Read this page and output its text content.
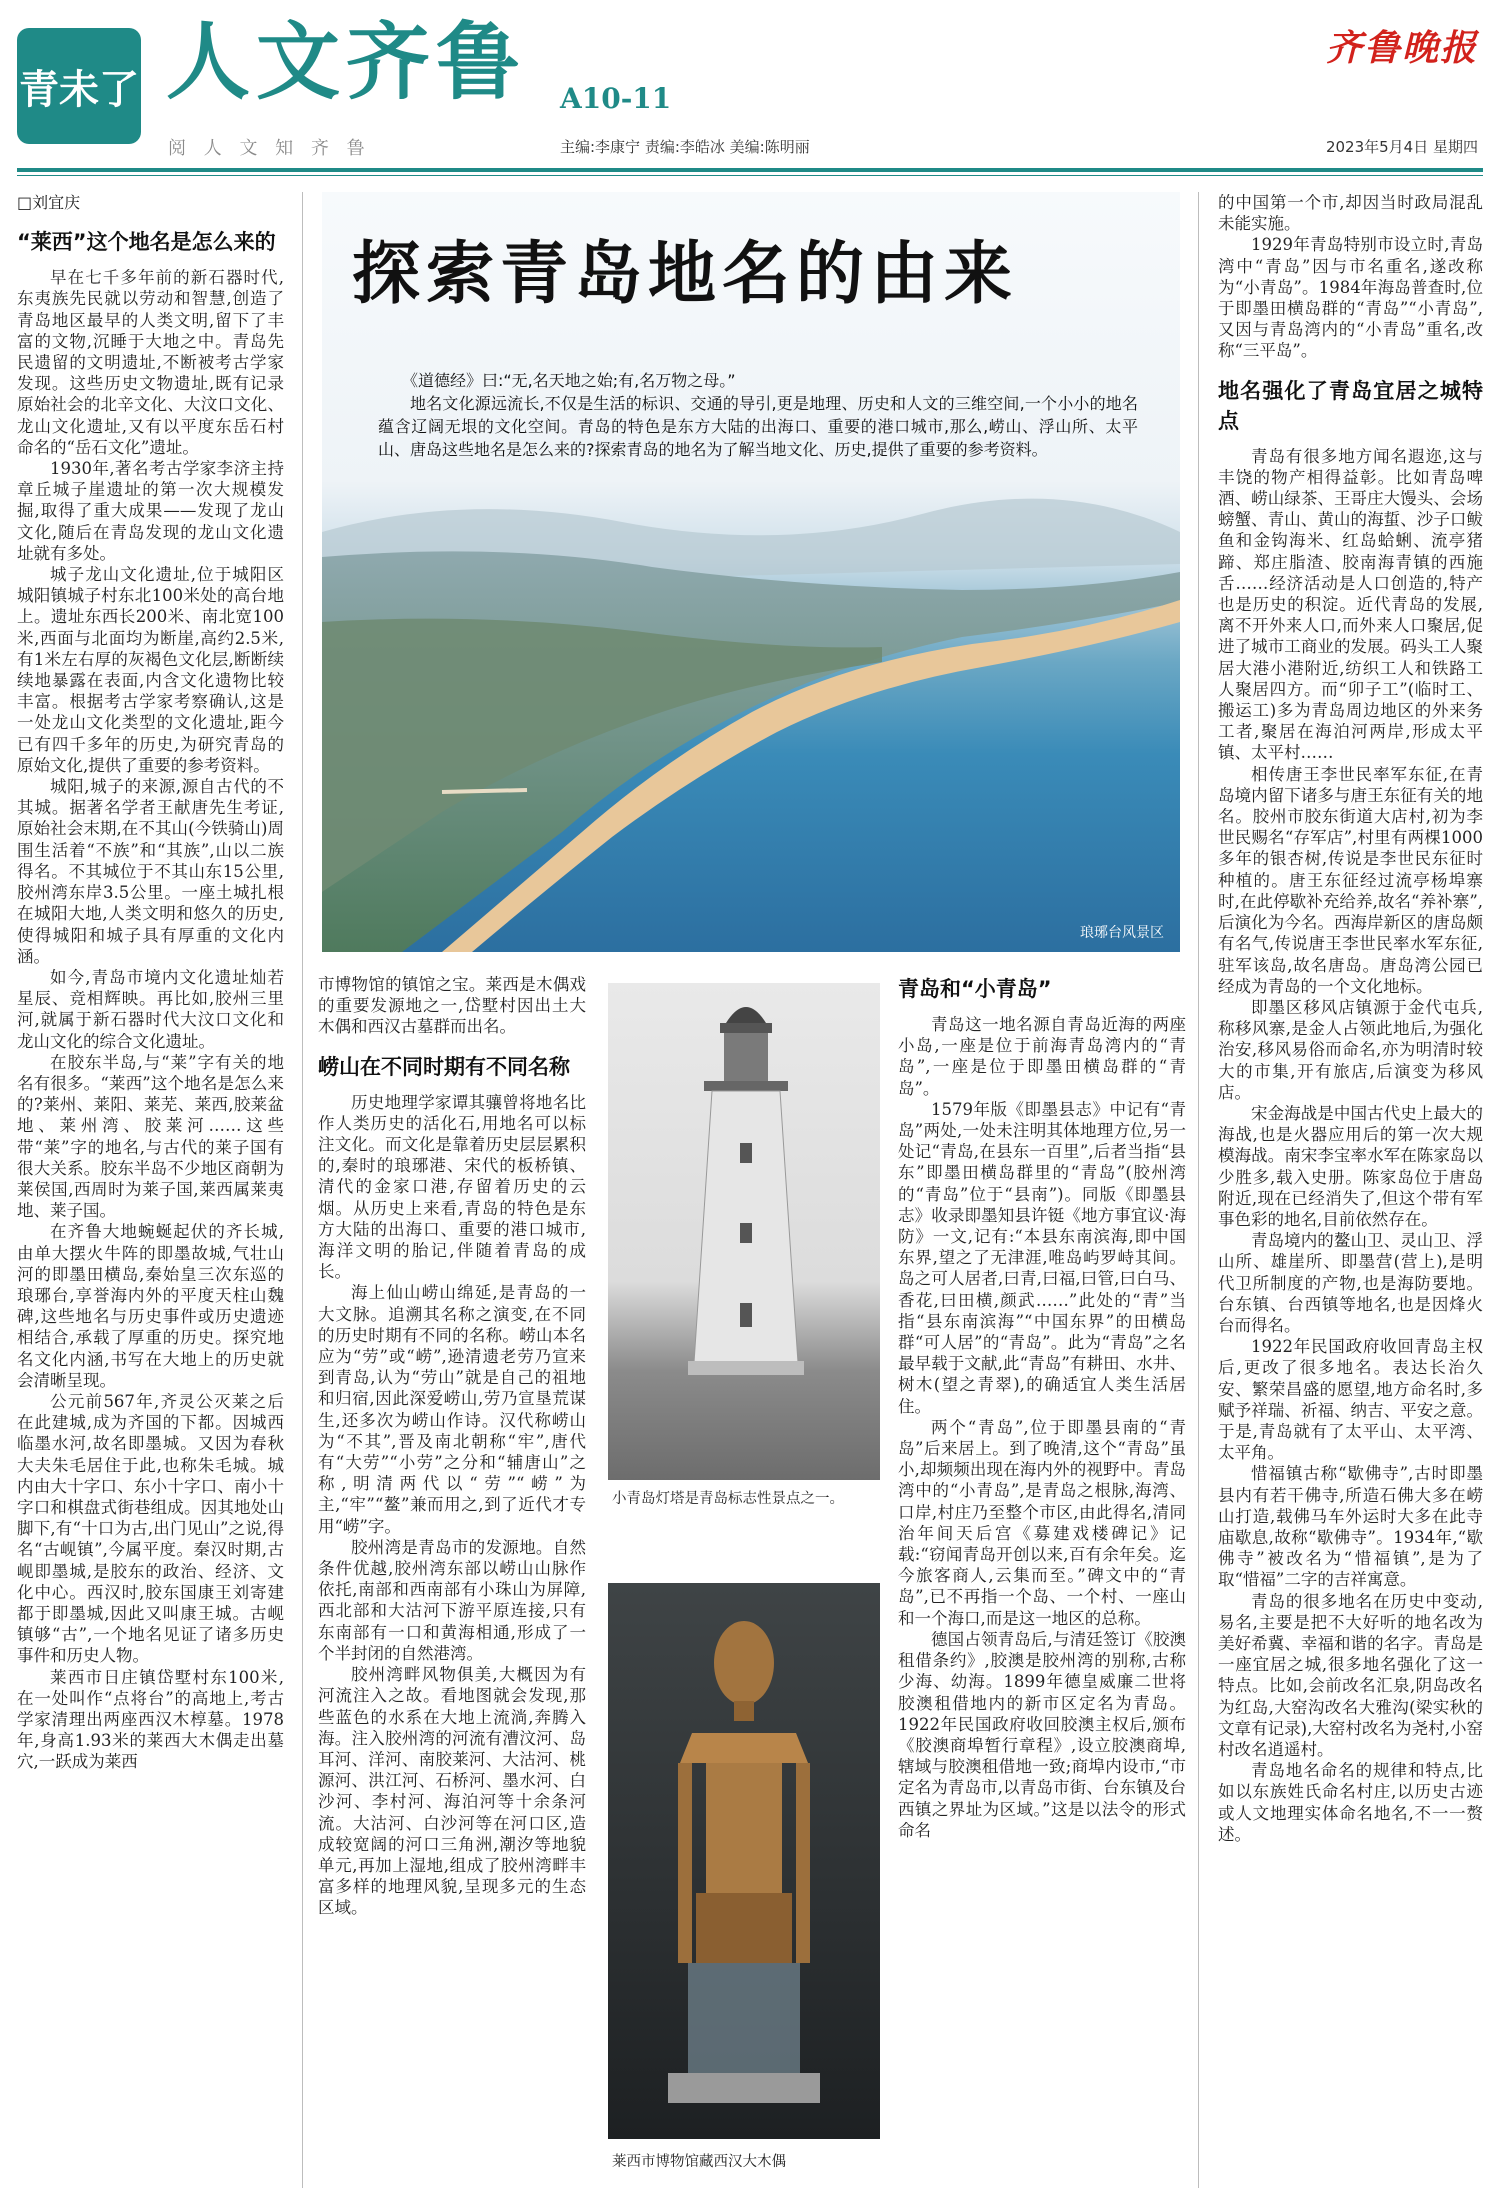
青未了 人文齐鲁 A10-11
阅 人 文 知 齐 鲁	主编:李康宁 责编:李皓冰 美编:陈明丽
齐鲁晚报
2023年5月4日 星期四

□刘宜庆

“莱西”这个地名是怎么来的

早在七千多年前的新石器时代,东夷族先民就以劳动和智慧,创造了青岛地区最早的人类文明,留下了丰富的文物,沉睡于大地之中。青岛先民遗留的文明遗址,不断被考古学家发现。这些历史文物遗址,既有记录原始社会的北辛文化、大汶口文化、龙山文化遗址,又有以平度东岳石村命名的“岳石文化”遗址。

1930年,著名考古学家李济主持章丘城子崖遗址的第一次大规模发掘,取得了重大成果——发现了龙山文化,随后在青岛发现的龙山文化遗址就有多处。

城子龙山文化遗址,位于城阳区城阳镇城子村东北100米处的高台地上。遗址东西长200米、南北宽100米,西面与北面均为断崖,高约2.5米,有1米左右厚的灰褐色文化层,断断续续地暴露在表面,内含文化遗物比较丰富。根据考古学家考察确认,这是一处龙山文化类型的文化遗址,距今已有四千多年的历史,为研究青岛的原始文化,提供了重要的参考资料。

城阳,城子的来源,源自古代的不其城。据著名学者王献唐先生考证,原始社会末期,在不其山(今铁骑山)周围生活着“不族”和“其族”,山以二族得名。不其城位于不其山东15公里,胶州湾东岸3.5公里。一座土城扎根在城阳大地,人类文明和悠久的历史,使得城阳和城子具有厚重的文化内涵。

如今,青岛市境内文化遗址灿若星辰、竞相辉映。再比如,胶州三里河,就属于新石器时代大汶口文化和龙山文化的综合文化遗址。

在胶东半岛,与“莱”字有关的地名有很多。“莱西”这个地名是怎么来的?莱州、莱阳、莱芜、莱西,胶莱盆地、莱州湾、胶莱河……这些带“莱”字的地名,与古代的莱子国有很大关系。胶东半岛不少地区商朝为莱侯国,西周时为莱子国,莱西属莱夷地、莱子国。

在齐鲁大地蜿蜒起伏的齐长城,由单大摆火牛阵的即墨故城,气壮山河的即墨田横岛,秦始皇三次东巡的琅琊台,享誉海内外的平度天柱山魏碑,这些地名与历史事件或历史遗迹相结合,承载了厚重的历史。探究地名文化内涵,书写在大地上的历史就会清晰呈现。

公元前567年,齐灵公灭莱之后在此建城,成为齐国的下都。因城西临墨水河,故名即墨城。又因为春秋大夫朱毛居住于此,也称朱毛城。城内由大十字口、东小十字口、南小十字口和棋盘式街巷组成。因其地处山脚下,有“十口为古,出门见山”之说,得名“古岘镇”,今属平度。秦汉时期,古岘即墨城,是胶东的政治、经济、文化中心。西汉时,胶东国康王刘寄建都于即墨城,因此又叫康王城。古岘镇够“古”,一个地名见证了诸多历史事件和历史人物。

莱西市日庄镇岱墅村东100米,在一处叫作“点将台”的高地上,考古学家清理出两座西汉木椁墓。1978年,身高1.93米的莱西大木偶走出墓穴,一跃成为莱西

探索青岛地名的由来
《道德经》曰:“无,名天地之始;有,名万物之母。”
地名文化源远流长,不仅是生活的标识、交通的导引,更是地理、历史和人文的三维空间,一个小小的地名蕴含辽阔无垠的文化空间。青岛的特色是东方大陆的出海口、重要的港口城市,那么,崂山、浮山所、太平山、唐岛这些地名是怎么来的?探索青岛的地名为了解当地文化、历史,提供了重要的参考资料。
琅琊台风景区

市博物馆的镇馆之宝。莱西是木偶戏的重要发源地之一,岱墅村因出土大木偶和西汉古墓群而出名。

崂山在不同时期有不同名称

历史地理学家谭其骧曾将地名比作人类历史的活化石,用地名可以标注文化。而文化是靠着历史层层累积的,秦时的琅琊港、宋代的板桥镇、清代的金家口港,存留着历史的云烟。从历史上来看,青岛的特色是东方大陆的出海口、重要的港口城市,海洋文明的胎记,伴随着青岛的成长。

海上仙山崂山绵延,是青岛的一大文脉。追溯其名称之演变,在不同的历史时期有不同的名称。崂山本名应为“劳”或“崂”,逊清遗老劳乃宣来到青岛,认为“劳山”就是自己的祖地和归宿,因此深爱崂山,劳乃宣垦荒谋生,还多次为崂山作诗。汉代称崂山为“不其”,晋及南北朝称“牢”,唐代有“大劳”“小劳”之分和“辅唐山”之称,明清两代以“劳”“崂”为主,“牢”“鳌”兼而用之,到了近代才专用“崂”字。

胶州湾是青岛市的发源地。自然条件优越,胶州湾东部以崂山山脉作依托,南部和西南部有小珠山为屏障,西北部和大沽河下游平原连接,只有东南部有一口和黄海相通,形成了一个半封闭的自然港湾。

胶州湾畔风物俱美,大概因为有河流注入之故。看地图就会发现,那些蓝色的水系在大地上流淌,奔腾入海。注入胶州湾的河流有漕汶河、岛耳河、洋河、南胶莱河、大沽河、桃源河、洪江河、石桥河、墨水河、白沙河、李村河、海泊河等十余条河流。大沽河、白沙河等在河口区,造成较宽阔的河口三角洲,潮汐等地貌单元,再加上湿地,组成了胶州湾畔丰富多样的地理风貌,呈现多元的生态区域。

小青岛灯塔是青岛标志性景点之一。
莱西市博物馆藏西汉大木偶
青岛和“小青岛”

青岛这一地名源自青岛近海的两座小岛,一座是位于前海青岛湾内的“青岛”,一座是位于即墨田横岛群的“青岛”。

1579年版《即墨县志》中记有“青岛”两处,一处未注明其体地理方位,另一处记“青岛,在县东一百里”,后者当指“县东”即墨田横岛群里的“青岛”(胶州湾的“青岛”位于“县南”)。同版《即墨县志》收录即墨知县许铤《地方事宜议·海防》一文,记有:“本县东南滨海,即中国东界,望之了无津涯,唯岛屿罗峙其间。岛之可人居者,曰青,曰福,曰管,曰白马、香花,曰田横,颜武……”此处的“青”当指“县东南滨海”“中国东界”的田横岛群“可人居”的“青岛”。此为“青岛”之名最早载于文献,此“青岛”有耕田、水井、树木(望之青翠),的确适宜人类生活居住。

两个“青岛”,位于即墨县南的“青岛”后来居上。到了晚清,这个“青岛”虽小,却频频出现在海内外的视野中。青岛湾中的“小青岛”,是青岛之根脉,海湾、口岸,村庄乃至整个市区,由此得名,清同治年间天后宫《募建戏楼碑记》记载:“窃闻青岛开创以来,百有余年矣。迄今旅客商人,云集而至。”碑文中的“青岛”,已不再指一个岛、一个村、一座山和一个海口,而是这一地区的总称。

德国占领青岛后,与清廷签订《胶澳租借条约》,胶澳是胶州湾的别称,古称少海、幼海。1899年德皇威廉二世将胶澳租借地内的新市区定名为青岛。1922年民国政府收回胶澳主权后,颁布《胶澳商埠暂行章程》,设立胶澳商埠,辖域与胶澳租借地一致;商埠内设市,“市定名为青岛市,以青岛市街、台东镇及台西镇之界址为区域。”这是以法令的形式命名

的中国第一个市,却因当时政局混乱未能实施。

1929年青岛特别市设立时,青岛湾中“青岛”因与市名重名,遂改称为“小青岛”。1984年海岛普查时,位于即墨田横岛群的“青岛”“小青岛”,又因与青岛湾内的“小青岛”重名,改称“三平岛”。

地名强化了青岛宜居之城特点

青岛有很多地方闻名遐迩,这与丰饶的物产相得益彰。比如青岛啤酒、崂山绿茶、王哥庄大馒头、会场螃蟹、青山、黄山的海蜇、沙子口鲅鱼和金钩海米、红岛蛤蜊、流亭猪蹄、郑庄脂渣、胶南海青镇的西施舌……经济活动是人口创造的,特产也是历史的积淀。近代青岛的发展,离不开外来人口,而外来人口聚居,促进了城市工商业的发展。码头工人聚居大港小港附近,纺织工人和铁路工人聚居四方。而“卯子工”(临时工、搬运工)多为青岛周边地区的外来务工者,聚居在海泊河两岸,形成太平镇、太平村……

相传唐王李世民率军东征,在青岛境内留下诸多与唐王东征有关的地名。胶州市胶东街道大店村,初为李世民赐名“存军店”,村里有两棵1000多年的银杏树,传说是李世民东征时种植的。唐王东征经过流亭杨埠寨时,在此停歇补充给养,故名“养补寨”,后演化为今名。西海岸新区的唐岛颇有名气,传说唐王李世民率水军东征,驻军该岛,故名唐岛。唐岛湾公园已经成为青岛的一个文化地标。

即墨区移风店镇源于金代屯兵,称移风寨,是金人占领此地后,为强化治安,移风易俗而命名,亦为明清时较大的市集,开有旅店,后演变为移风店。

宋金海战是中国古代史上最大的海战,也是火器应用后的第一次大规模海战。南宋李宝率水军在陈家岛以少胜多,载入史册。陈家岛位于唐岛附近,现在已经消失了,但这个带有军事色彩的地名,目前依然存在。

青岛境内的鳌山卫、灵山卫、浮山所、雄崖所、即墨营(营上),是明代卫所制度的产物,也是海防要地。台东镇、台西镇等地名,也是因烽火台而得名。

1922年民国政府收回青岛主权后,更改了很多地名。表达长治久安、繁荣昌盛的愿望,地方命名时,多赋予祥瑞、祈福、纳吉、平安之意。于是,青岛就有了太平山、太平湾、太平角。

惜福镇古称“歇佛寺”,古时即墨县内有若干佛寺,所造石佛大多在崂山打造,载佛马车外运时大多在此寺庙歇息,故称“歇佛寺”。1934年,“歇佛寺”被改名为“惜福镇”,是为了取“惜福”二字的吉祥寓意。

青岛的很多地名在历史中变动,易名,主要是把不大好听的地名改为美好希冀、幸福和谐的名字。青岛是一座宜居之城,很多地名强化了这一特点。比如,会前改名汇泉,阴岛改名为红岛,大窑沟改名大雅沟(梁实秋的文章有记录),大窑村改名为尧村,小窑村改名逍遥村。

青岛地名命名的规律和特点,比如以东族姓氏命名村庄,以历史古迹或人文地理实体命名地名,不一一赘述。
